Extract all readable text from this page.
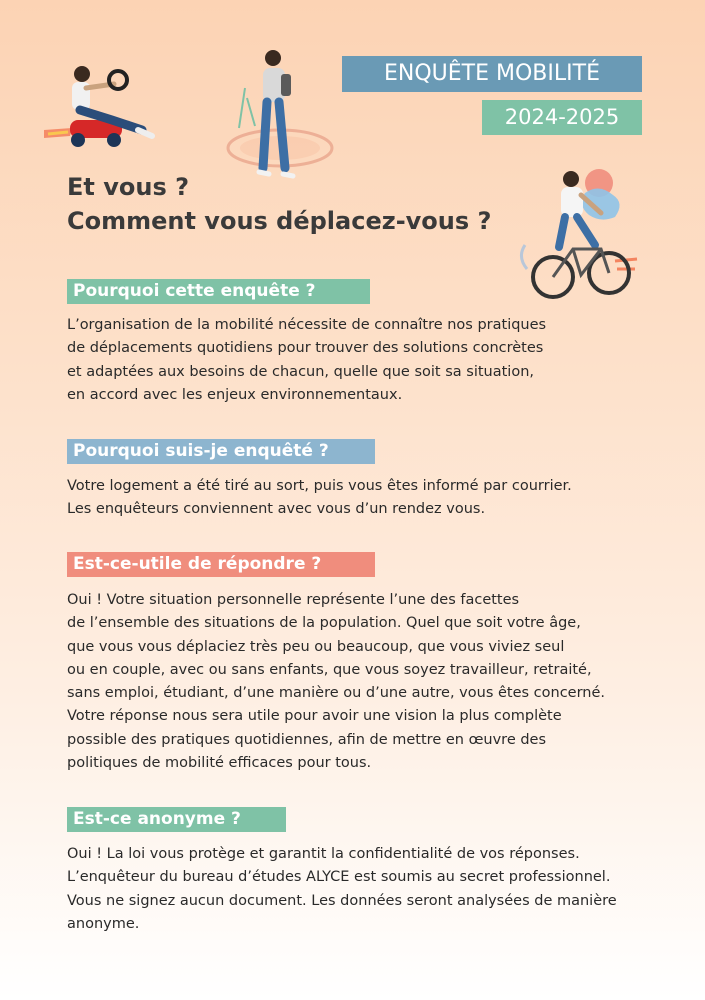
ENQUÊTE MOBILITÉ
2024-2025
Et vous ?
Comment vous déplacez-vous ?
Pourquoi cette enquête ?
L’organisation de la mobilité nécessite de connaître nos pratiques
de déplacements quotidiens pour trouver des solutions concrètes
et adaptées aux besoins de chacun, quelle que soit sa situation,
en accord avec les enjeux environnementaux.
Pourquoi suis-je enquêté ?
Votre logement a été tiré au sort, puis vous êtes informé par courrier.
Les enquêteurs conviennent avec vous d’un rendez vous.
Est-ce-utile de répondre ?
Oui ! Votre situation personnelle représente l’une des facettes
de l’ensemble des situations de la population. Quel que soit votre âge,
que vous vous déplaciez très peu ou beaucoup, que vous viviez seul
ou en couple, avec ou sans enfants, que vous soyez travailleur, retraité,
sans emploi, étudiant, d’une manière ou d’une autre, vous êtes concerné.
Votre réponse nous sera utile pour avoir une vision la plus complète
possible des pratiques quotidiennes, afin de mettre en œuvre des
politiques de mobilité efficaces pour tous.
Est-ce anonyme ?
Oui ! La loi vous protège et garantit la confidentialité de vos réponses.
L’enquêteur du bureau d’études ALYCE est soumis au secret professionnel.
Vous ne signez aucun document. Les données seront analysées de manière
anonyme.
